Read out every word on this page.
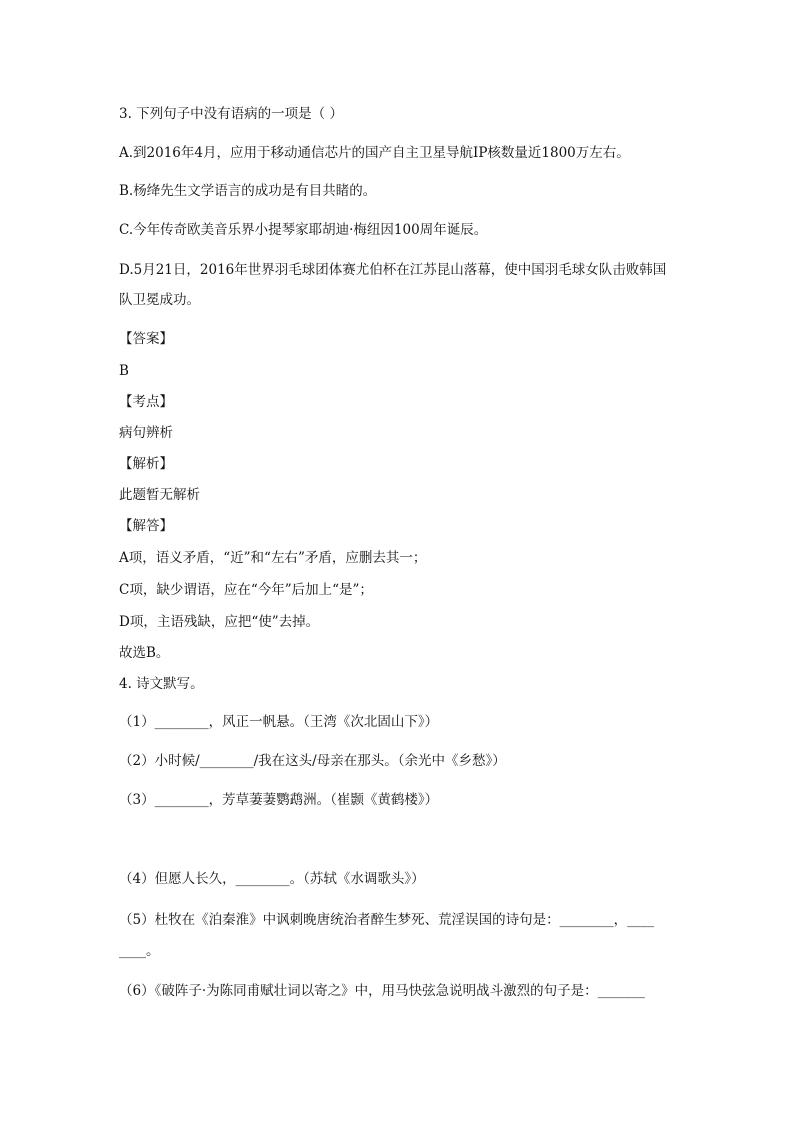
3. 下列句子中没有语病的一项是（ ）
A.到2016年4月，应用于移动通信芯片的国产自主卫星导航IP核数量近1800万左右。
B.杨绛先生文学语言的成功是有目共睹的。
C.今年传奇欧美音乐界小提琴家耶胡迪·梅纽因100周年诞辰。
D.5月21日，2016年世界羽毛球团体赛尤伯杯在江苏昆山落幕，使中国羽毛球女队击败韩国
队卫冕成功。
【答案】
B
【考点】
病句辨析
【解析】
此题暂无解析
【解答】
A项，语义矛盾，“近”和“左右”矛盾，应删去其一；
C项，缺少谓语，应在“今年”后加上“是”；
D项，主语残缺，应把“使”去掉。
故选B。
4. 诗文默写。
（1）________，风正一帆悬。（王湾《次北固山下》）
（2）小时候/________/我在这头/母亲在那头。（余光中《乡愁》）
（3）________，芳草萋萋鹦鹉洲。（崔颢《黄鹤楼》）
（4）但愿人长久，________。（苏轼《水调歌头》）
（5）杜牧在《泊秦淮》中讽刺晚唐统治者醉生梦死、荒淫误国的诗句是：________，____
____。
（6）《破阵子·为陈同甫赋壮词以寄之》中，用马快弦急说明战斗激烈的句子是：_______
